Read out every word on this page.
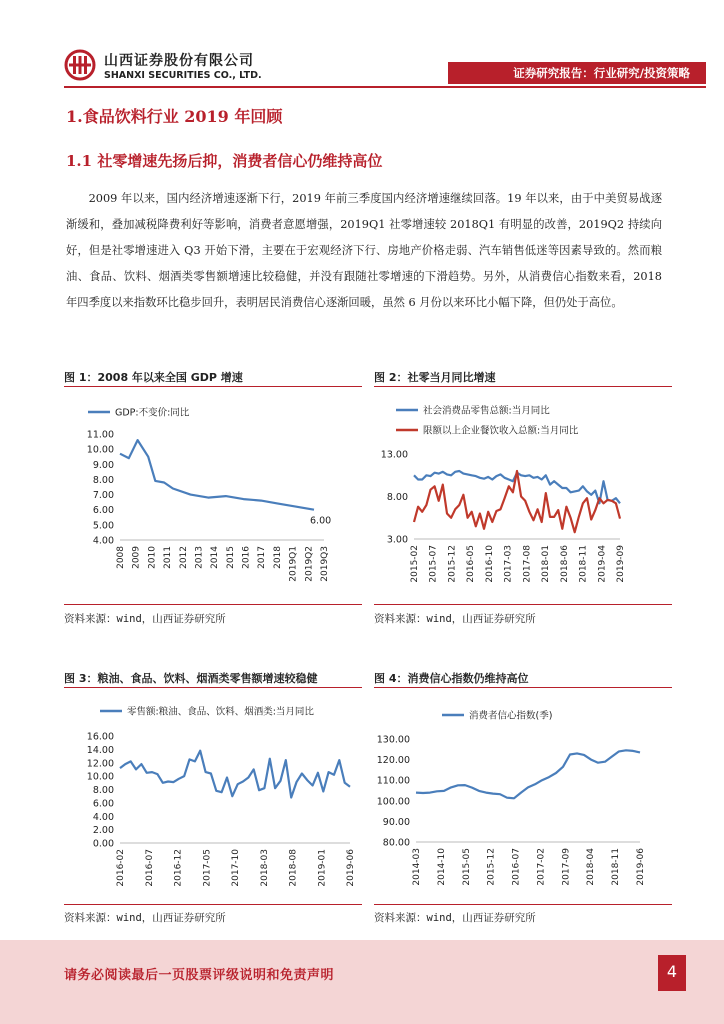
山西证券股份有限公司
SHANXI SECURITIES CO., LTD.	证券研究报告：行业研究/投资策略
1.食品饮料行业 2019 年回顾
1.1 社零增速先扬后抑，消费者信心仍维持高位
2009 年以来，国内经济增速逐渐下行，2019 年前三季度国内经济增速继续回落。19 年以来，由于中美贸易战逐渐缓和，叠加减税降费利好等影响，消费者意愿增强，2019Q1 社零增速较 2018Q1 有明显的改善，2019Q2 持续向好，但是社零增速进入 Q3 开始下滑，主要在于宏观经济下行、房地产价格走弱、汽车销售低迷等因素导致的。然而粮油、食品、饮料、烟酒类零售额增速比较稳健，并没有跟随社零增速的下滑趋势。另外，从消费信心指数来看，2018 年四季度以来指数环比稳步回升，表明居民消费信心逐渐回暖，虽然 6 月份以来环比小幅下降，但仍处于高位。
图 1：2008 年以来全国 GDP 增速
11.00
10.00
9.00
8.00
7.00
6.00
5.00
4.00
2008 2009 2010 2011 2012 2013 2014 2015 2016 2017 2018 2019Q1 2019Q2 2019Q3
GDP:不变价:同比
6.00
资料来源：wind，山西证券研究所
图 2：社零当月同比增速
13.00
8.00
3.00
2015-02 2015-07 2015-12 2016-05 2016-10 2017-03 2017-08 2018-01 2018-06 2018-11 2019-04 2019-09
社会消费品零售总额:当月同比
限额以上企业餐饮收入总额:当月同比
资料来源：wind，山西证券研究所
图 3：粮油、食品、饮料、烟酒类零售额增速较稳健
16.00
14.00
12.00
10.00
8.00
6.00
4.00
2.00
0.00
2016-02 2016-07 2016-12 2017-05 2017-10 2018-03 2018-08 2019-01 2019-06
零售额:粮油、食品、饮料、烟酒类:当月同比
资料来源：wind，山西证券研究所
图 4：消费信心指数仍维持高位
130.00
120.00
110.00
100.00
90.00
80.00
2014-03 2014-10 2015-05 2015-12 2016-07 2017-02 2017-09 2018-04 2018-11 2019-06
消费者信心指数(季)
资料来源：wind，山西证券研究所
请务必阅读最后一页股票评级说明和免责声明	4
